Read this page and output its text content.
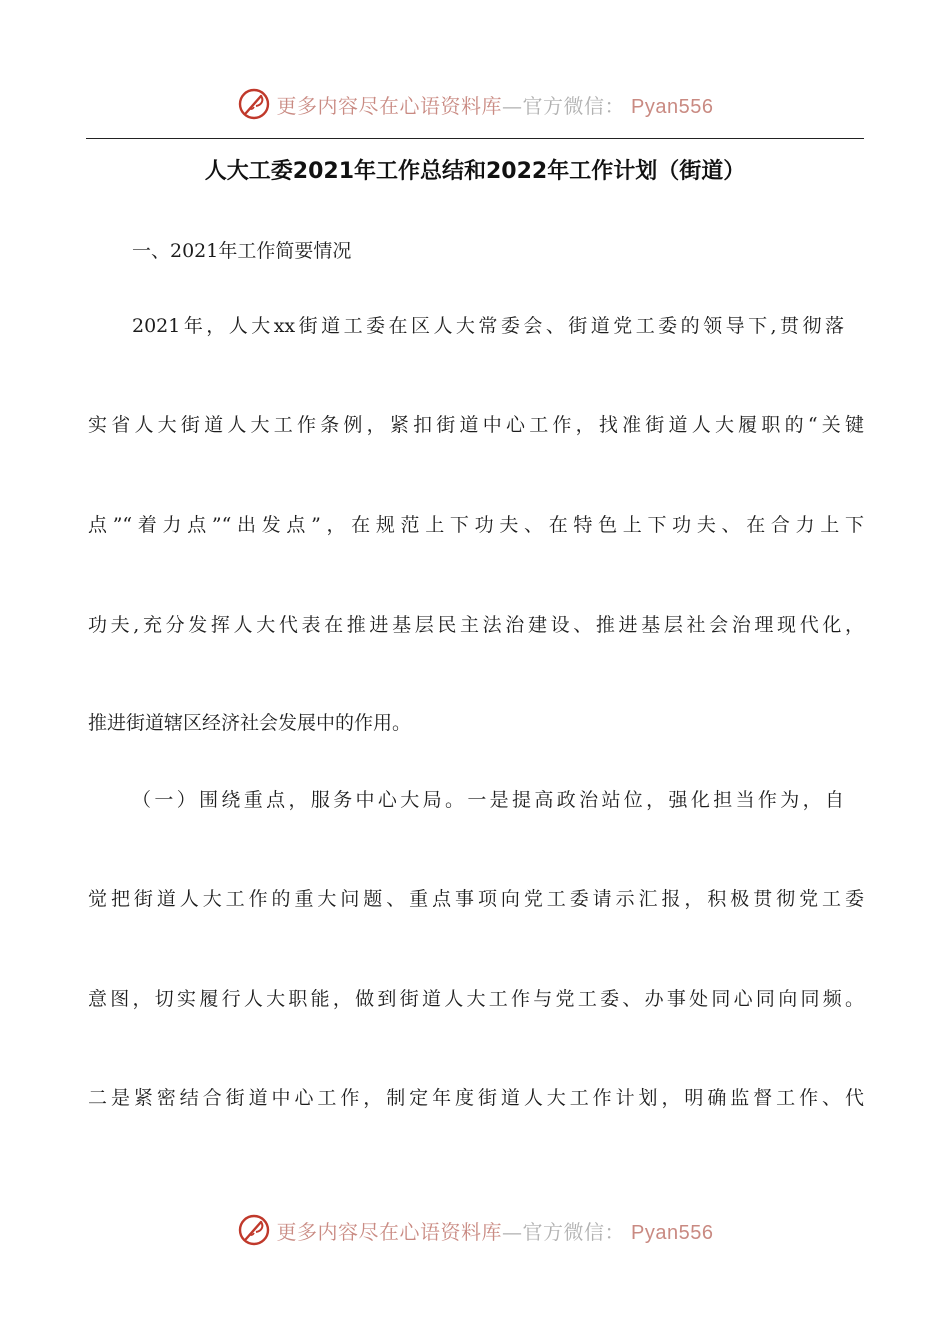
更多内容尽在心语资料库—官方微信： Pyan556
人大工委2021年工作总结和2022年工作计划（街道）
一、2021年工作简要情况
2021年，人大xx街道工委在区人大常委会、街道党工委的领导下,贯彻落
实省人大街道人大工作条例，紧扣街道中心工作，找准街道人大履职的“关键
点”“着力点”“出发点”，在规范上下功夫、在特色上下功夫、在合力上下
功夫,充分发挥人大代表在推进基层民主法治建设、推进基层社会治理现代化，
推进街道辖区经济社会发展中的作用。
（一）围绕重点，服务中心大局。一是提高政治站位，强化担当作为，自
觉把街道人大工作的重大问题、重点事项向党工委请示汇报，积极贯彻党工委
意图，切实履行人大职能，做到街道人大工作与党工委、办事处同心同向同频。
二是紧密结合街道中心工作，制定年度街道人大工作计划，明确监督工作、代
更多内容尽在心语资料库—官方微信： Pyan556
